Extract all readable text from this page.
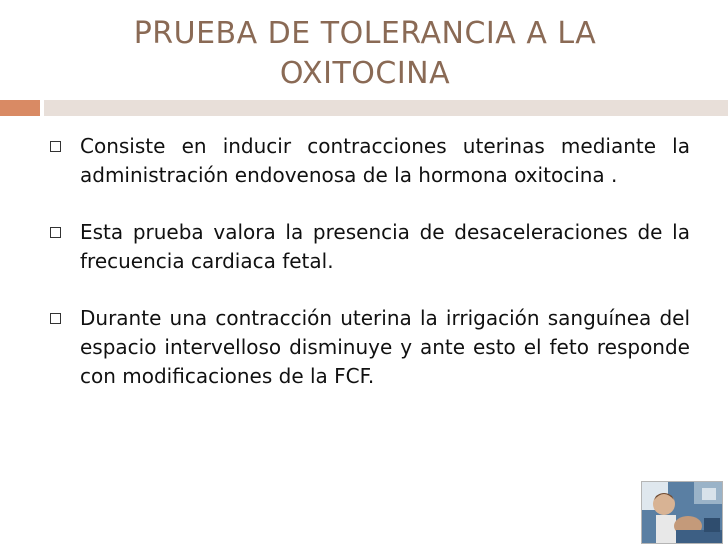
PRUEBA DE TOLERANCIA A LA
OXITOCINA
Consiste en inducir contracciones uterinas mediante la administración endovenosa de la hormona oxitocina .
Esta prueba valora la presencia de desaceleraciones de la frecuencia cardiaca fetal.
Durante una contracción uterina la irrigación sanguínea del espacio intervelloso disminuye y ante esto el feto responde con modificaciones de la FCF.
